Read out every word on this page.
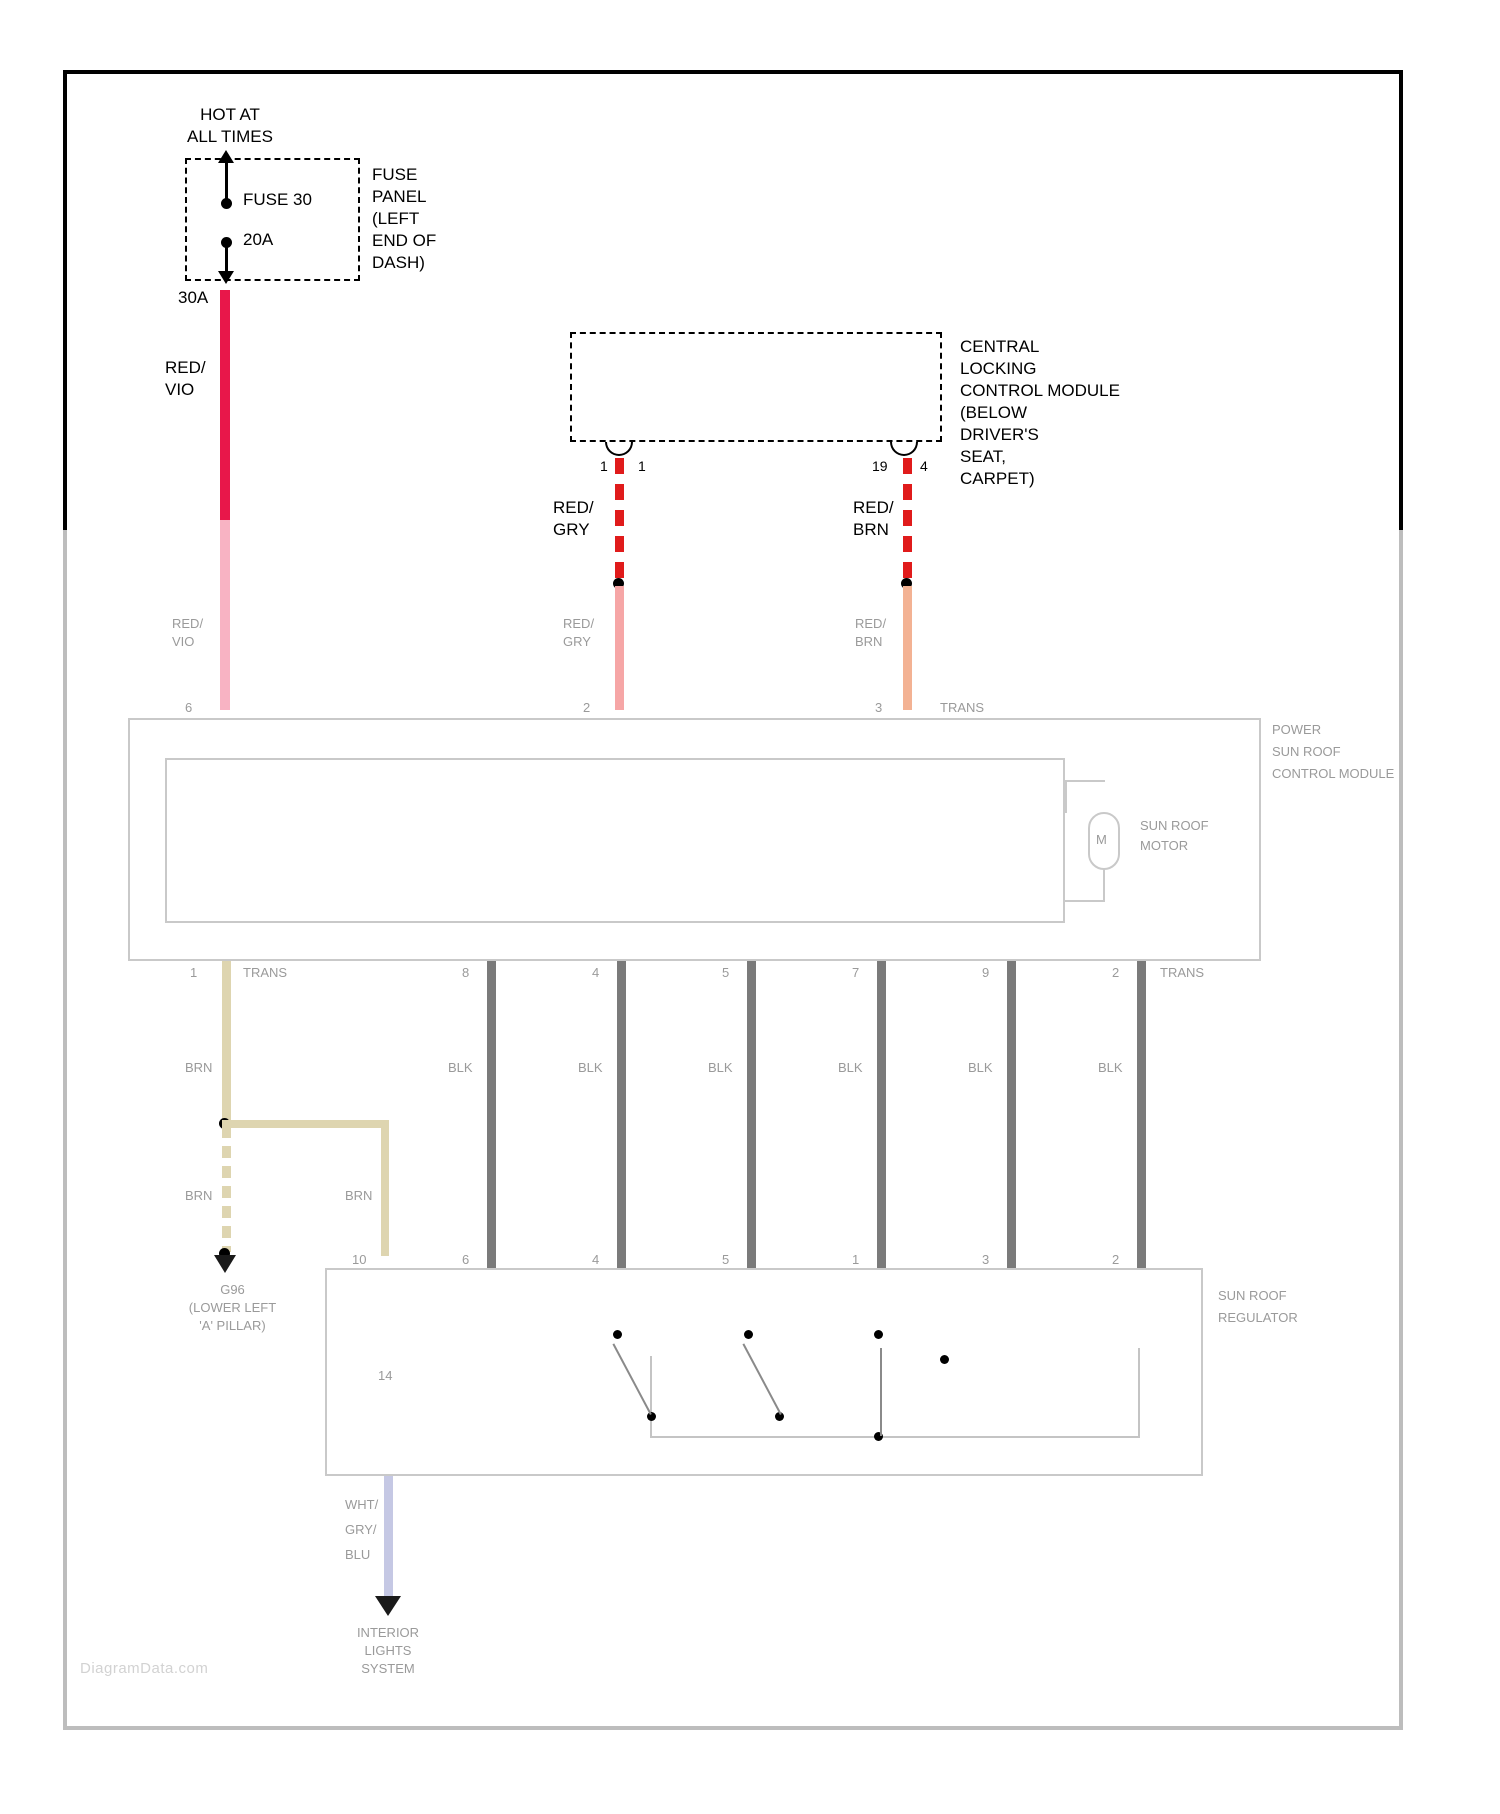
HOT AT
ALL TIMES
FUSE 30
20A
30A
FUSE
PANEL
(LEFT
END OF
DASH)
RED/
VIO
RED/
VIO
6
CENTRAL
LOCKING
CONTROL MODULE
(BELOW
DRIVER'S
SEAT,
CARPET)
1 1	19 4
RED/
GRY
RED/
GRY
2
RED/
BRN
RED/
BRN
3	TRANS
POWER
SUN ROOF
CONTROL MODULE
M
SUN ROOF
MOTOR
1	TRANS
BRN
BRN	BRN
G96
(LOWER LEFT
'A' PILLAR)
8
BLK
4
BLK
5
BLK
7
BLK
9
BLK
2	TRANS
BLK
SUN ROOF
REGULATOR
10	6	4	5	1	3	2
14
WHT/
GRY/
BLU
INTERIOR
LIGHTS
SYSTEM
DiagramData.com
